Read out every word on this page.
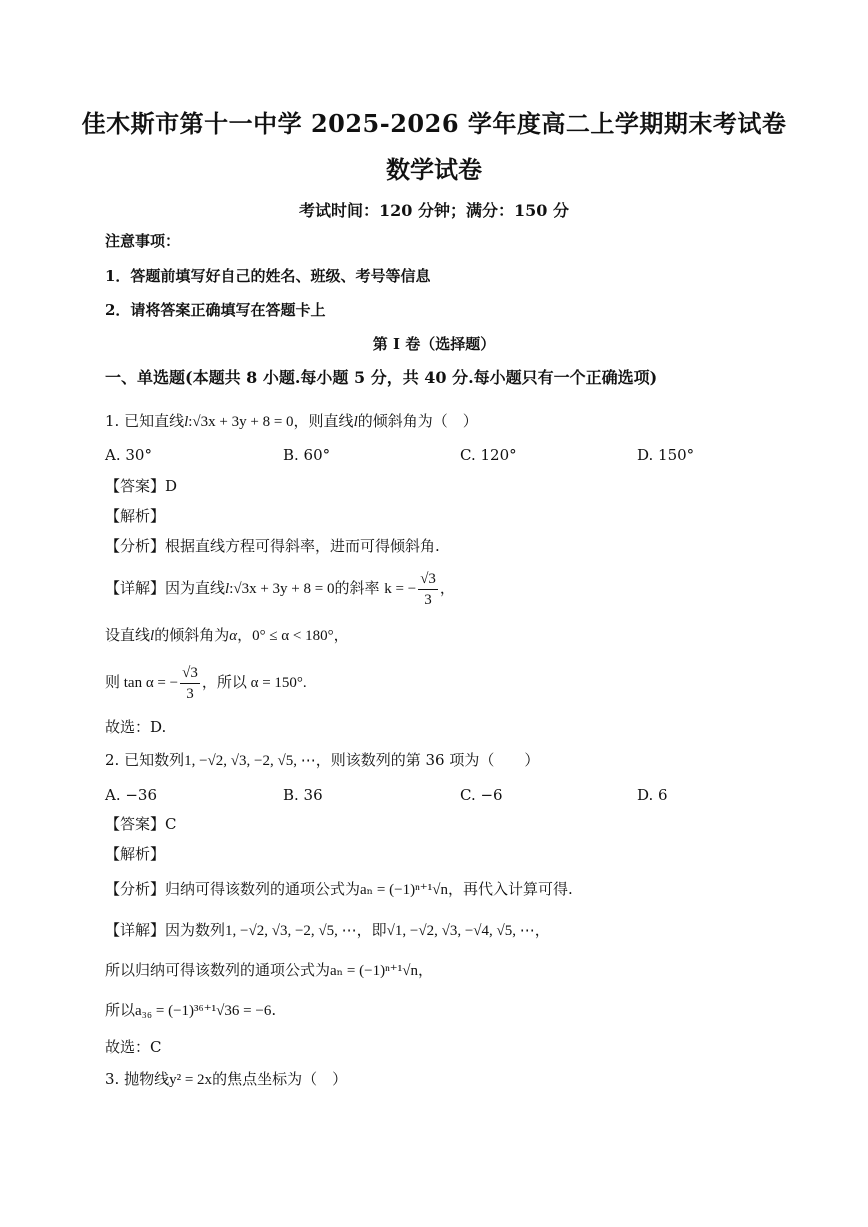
佳木斯市第十一中学 2025-2026 学年度高二上学期期末考试卷
数学试卷
考试时间：120 分钟；满分：150 分
注意事项：
1．答题前填写好自己的姓名、班级、考号等信息
2．请将答案正确填写在答题卡上
第 I 卷（选择题）
一、单选题(本题共 8 小题.每小题 5 分，共 40 分.每小题只有一个正确选项)
1. 已知直线l:√3x + 3y + 8 = 0，则直线l的倾斜角为（　）
A. 30°	B. 60°	C. 120°	D. 150°
【答案】D
【解析】
【分析】根据直线方程可得斜率，进而可得倾斜角.
【详解】因为直线l:√3x + 3y + 8 = 0的斜率 k = − $\frac{√3}{3}$ ，
设直线l的倾斜角为α，0° ≤ α < 180°，
则 tan α = − $\frac{√3}{3}$ ，所以 α = 150°.
故选：D.
2. 已知数列1, −√2, √3, −2, √5, ⋯，则该数列的第 36 项为（　　）
A. −36	B. 36	C. −6	D. 6
【答案】C
【解析】
【分析】归纳可得该数列的通项公式为aₙ = (−1)ⁿ⁺¹√n，再代入计算可得.
【详解】因为数列1, −√2, √3, −2, √5, ⋯，即√1, −√2, √3, −√4, √5, ⋯，
所以归纳可得该数列的通项公式为aₙ = (−1)ⁿ⁺¹√n，
所以a₃₆ = (−1)³⁶⁺¹√36 = −6.
故选：C
3. 抛物线y² = 2x的焦点坐标为（　）
